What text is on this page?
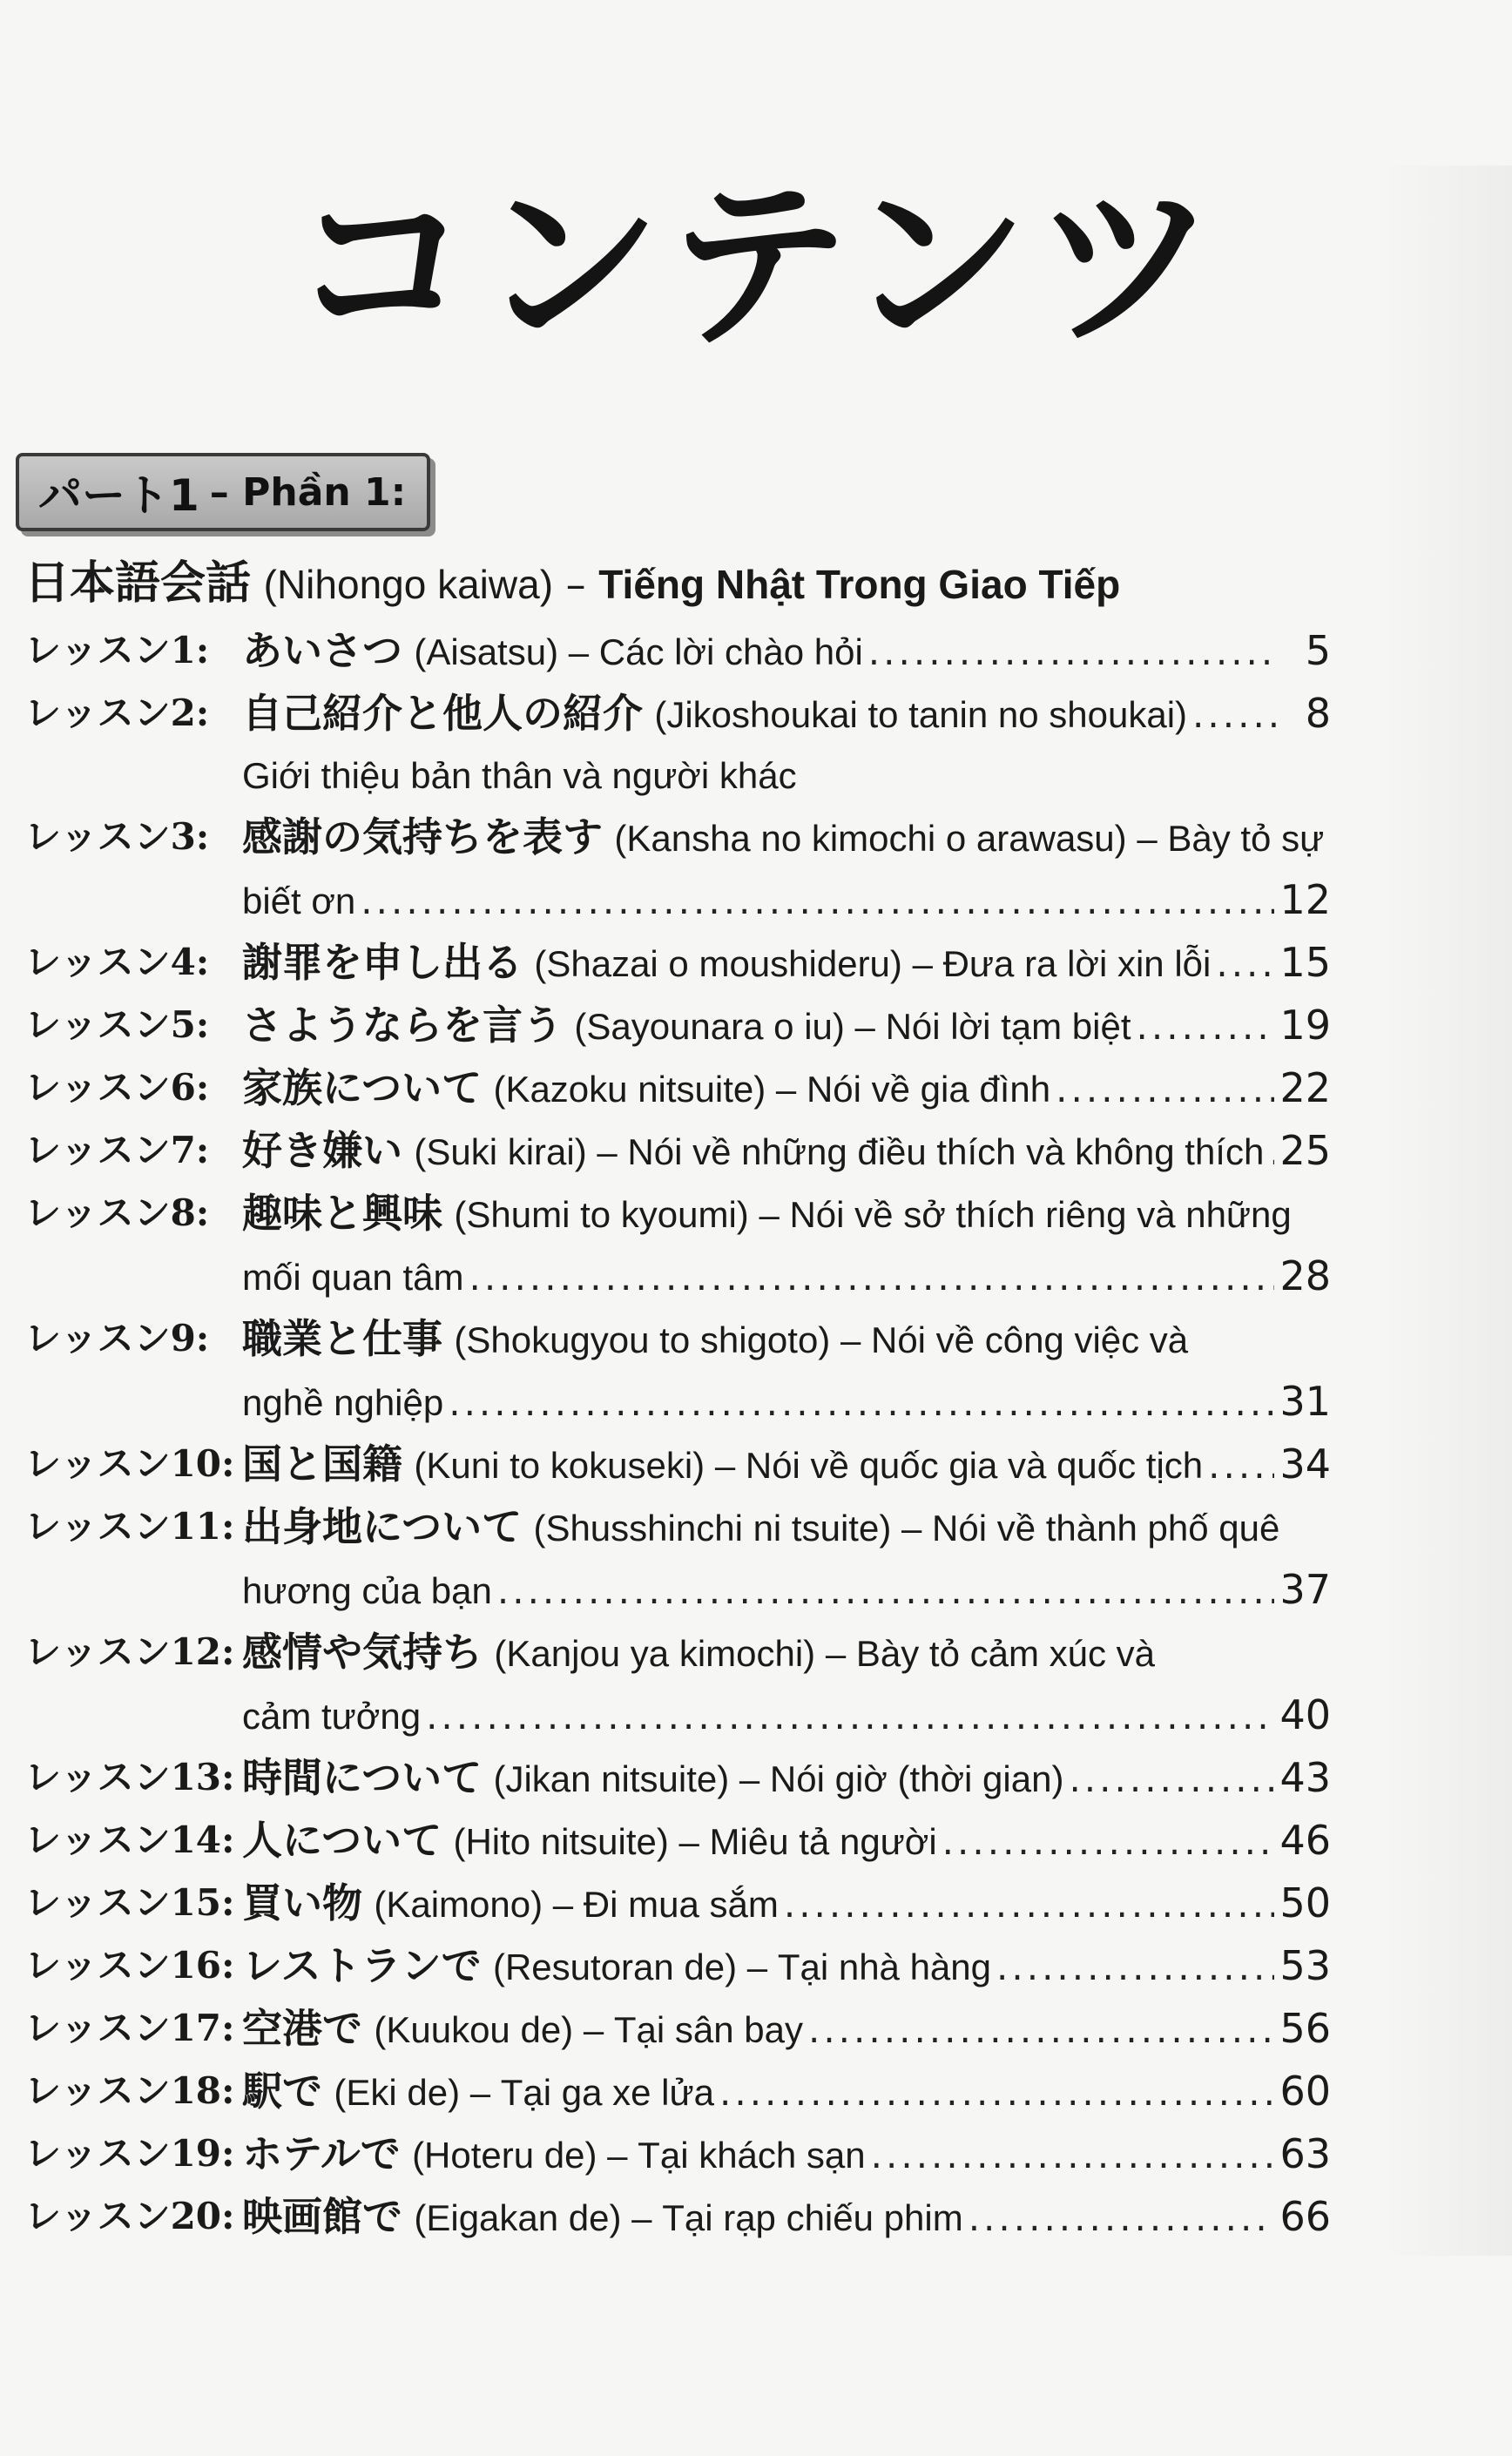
コンテンツ
パート1 – Phần 1:
日本語会話 (Nihongo kaiwa) – Tiếng Nhật Trong Giao Tiếp
レッスン1: あいさつ (Aisatsu) – Các lời chào hỏi .....	5
レッスン2: 自己紹介と他人の紹介 (Jikoshoukai to tanin no shoukai) .....	8
Giới thiệu bản thân và người khác
レッスン3: 感謝の気持ちを表す (Kansha no kimochi o arawasu) – Bày tỏ sự
biết ơn .....	12
レッスン4: 謝罪を申し出る (Shazai o moushideru) – Đưa ra lời xin lỗi ..... 15
レッスン5: さようならを言う (Sayounara o iu) – Nói lời tạm biệt .....	19
レッスン6: 家族について (Kazoku nitsuite) – Nói về gia đình .....	22
レッスン7: 好き嫌い (Suki kirai) – Nói về những điều thích và không thích ..... 25
レッスン8: 趣味と興味 (Shumi to kyoumi) – Nói về sở thích riêng và những
mối quan tâm .....	28
レッスン9: 職業と仕事 (Shokugyou to shigoto) – Nói về công việc và
nghề nghiệp .....	31
レッスン10: 国と国籍 (Kuni to kokuseki) – Nói về quốc gia và quốc tịch ..... 34
レッスン11: 出身地について (Shusshinchi ni tsuite) – Nói về thành phố quê
hương của bạn .....	37
レッスン12: 感情や気持ち (Kanjou ya kimochi) – Bày tỏ cảm xúc và
cảm tưởng .....	40
レッスン13: 時間について (Jikan nitsuite) – Nói giờ (thời gian) .....	43
レッスン14: 人について (Hito nitsuite) – Miêu tả người .....	46
レッスン15: 買い物 (Kaimono) – Đi mua sắm .....	50
レッスン16: レストランで (Resutoran de) – Tại nhà hàng .....	53
レッスン17: 空港で (Kuukou de) – Tại sân bay .....	56
レッスン18: 駅で (Eki de) – Tại ga xe lửa .....	60
レッスン19: ホテルで (Hoteru de) – Tại khách sạn .....	63
レッスン20: 映画館で (Eigakan de) – Tại rạp chiếu phim .....	66
